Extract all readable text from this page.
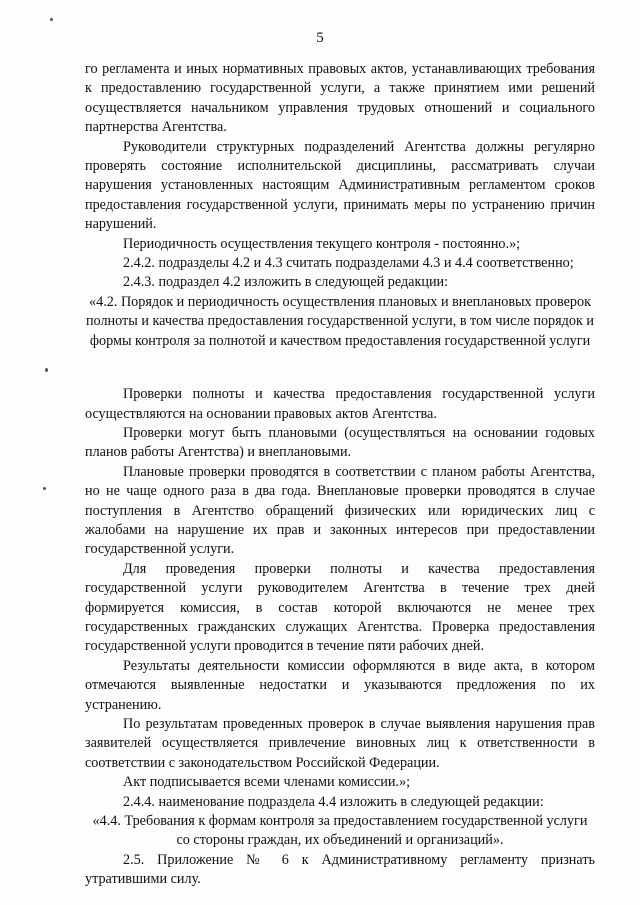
5

го регламента и иных нормативных правовых актов, устанавливающих требования к предоставлению государственной услуги, а также принятием ими решений осуществляется начальником управления трудовых отношений и социального партнерства Агентства.

Руководители структурных подразделений Агентства должны регулярно проверять состояние исполнительской дисциплины, рассматривать случаи нарушения установленных настоящим Административным регламентом сроков предоставления государственной услуги, принимать меры по устранению причин нарушений.

Периодичность осуществления текущего контроля - постоянно.»;

2.4.2. подразделы 4.2 и 4.3 считать подразделами 4.3 и 4.4 соответственно;

2.4.3. подраздел 4.2 изложить в следующей редакции:

«4.2. Порядок и периодичность осуществления плановых и внеплановых проверок полноты и качества предоставления государственной услуги, в том числе порядок и формы контроля за полнотой и качеством предоставления государственной услуги

Проверки полноты и качества предоставления государственной услуги осуществляются на основании правовых актов Агентства.

Проверки могут быть плановыми (осуществляться на основании годовых планов работы Агентства) и внеплановыми.

Плановые проверки проводятся в соответствии с планом работы Агентства, но не чаще одного раза в два года. Внеплановые проверки проводятся в случае поступления в Агентство обращений физических или юридических лиц с жалобами на нарушение их прав и законных интересов при предоставлении государственной услуги.

Для проведения проверки полноты и качества предоставления государственной услуги руководителем Агентства в течение трех дней формируется комиссия, в состав которой включаются не менее трех государственных гражданских служащих Агентства. Проверка предоставления государственной услуги проводится в течение пяти рабочих дней.

Результаты деятельности комиссии оформляются в виде акта, в котором отмечаются выявленные недостатки и указываются предложения по их устранению.

По результатам проведенных проверок в случае выявления нарушения прав заявителей осуществляется привлечение виновных лиц к ответственности в соответствии с законодательством Российской Федерации.

Акт подписывается всеми членами комиссии.»;

2.4.4. наименование подраздела 4.4 изложить в следующей редакции:

«4.4. Требования к формам контроля за предоставлением государственной услуги со стороны граждан, их объединений и организаций».

2.5. Приложение № 6 к Административному регламенту признать утратившими силу.
